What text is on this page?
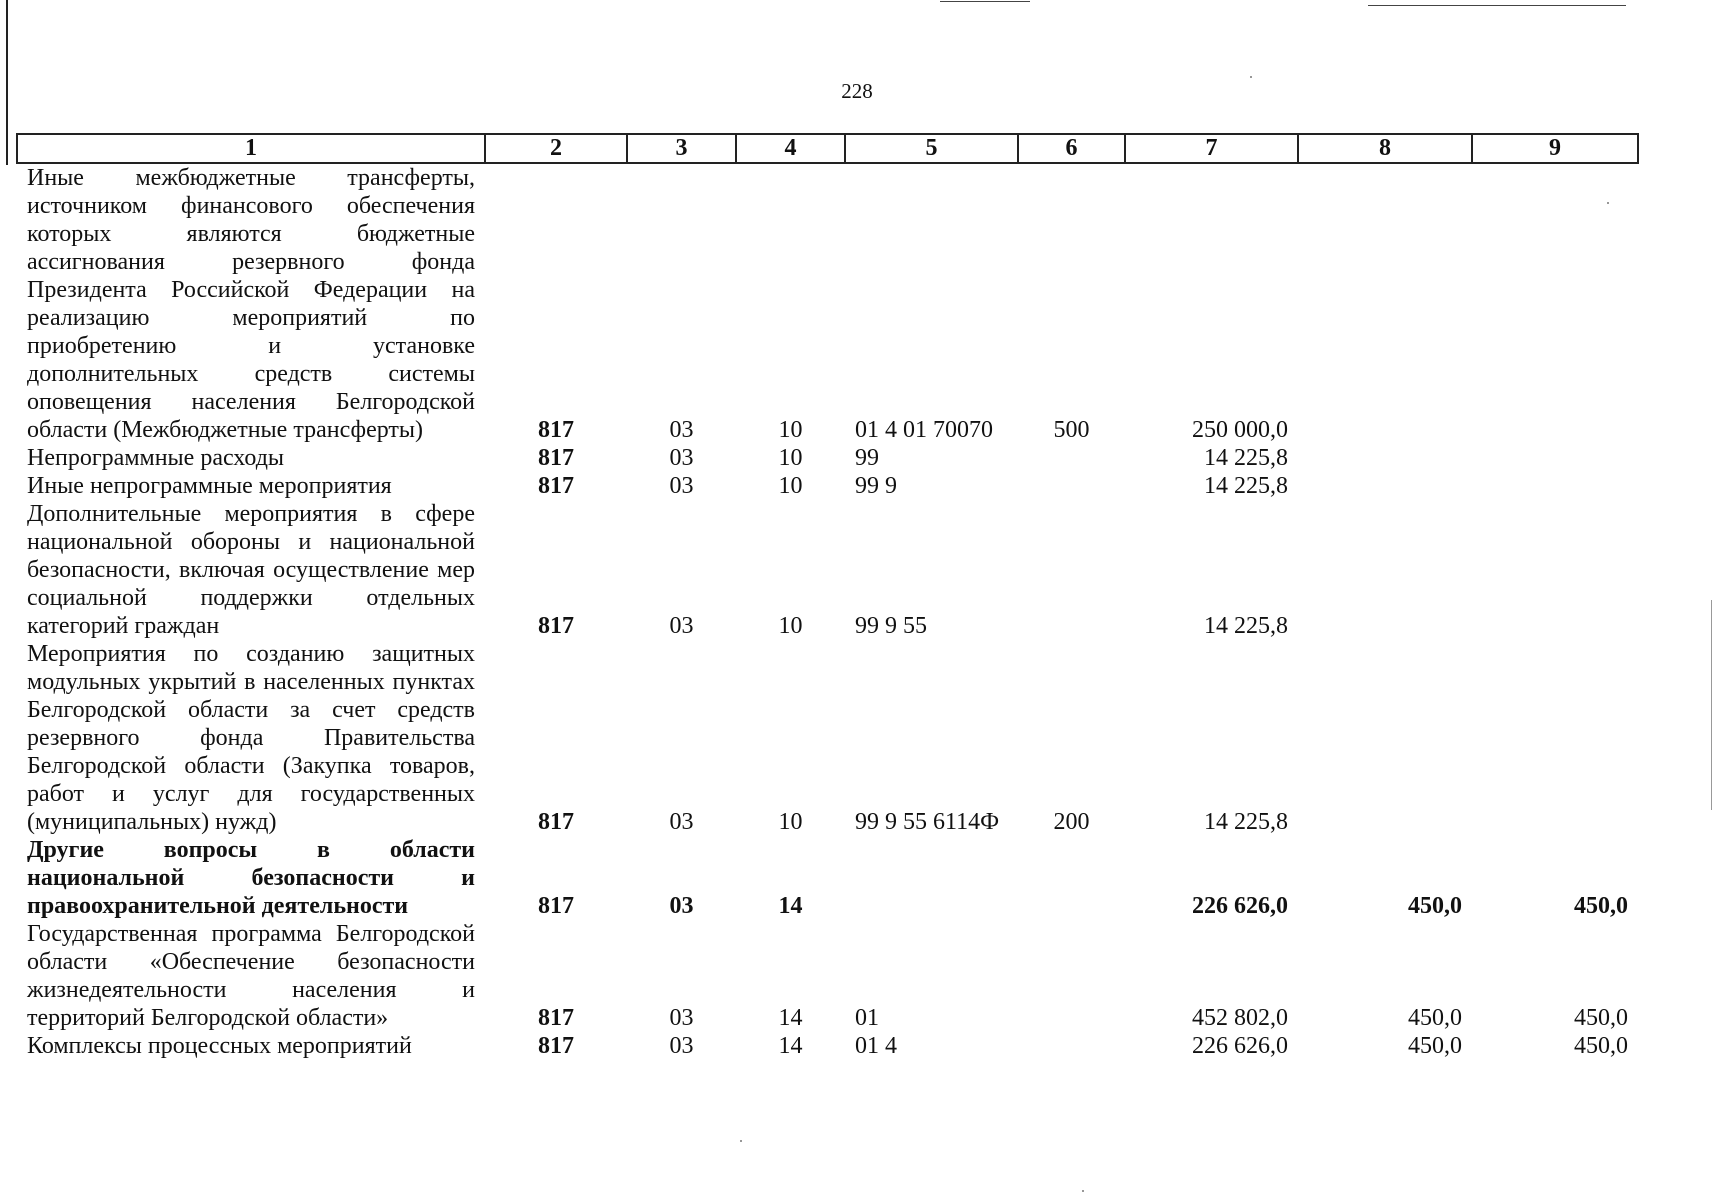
228
1	2	3	4	5	6	7	8	9
Иные межбюджетные трансферты, источником финансового обеспечения которых являются бюджетные ассигнования резервного фонда Президента Российской Федерации на реализацию мероприятий по приобретению и установке дополнительных средств системы оповещения населения Белгородской области (Межбюджетные трансферты)	817	03	10	01 4 01 70070	500	250 000,0		
Непрограммные расходы	817	03	10	99		14 225,8		
Иные непрограммные мероприятия	817	03	10	99 9		14 225,8		
Дополнительные мероприятия в сфере национальной обороны и национальной безопасности, включая осуществление мер социальной поддержки отдельных категорий граждан	817	03	10	99 9 55		14 225,8		
Мероприятия по созданию защитных модульных укрытий в населенных пунктах Белгородской области за счет средств резервного фонда Правительства Белгородской области (Закупка товаров, работ и услуг для государственных (муниципальных) нужд)	817	03	10	99 9 55 6114Ф	200	14 225,8		
Другие вопросы в области национальной безопасности и правоохранительной деятельности	817	03	14			226 626,0	450,0	450,0
Государственная программа Белгородской области «Обеспечение безопасности жизнедеятельности населения и территорий Белгородской области»	817	03	14	01		452 802,0	450,0	450,0
Комплексы процессных мероприятий	817	03	14	01 4		226 626,0	450,0	450,0
